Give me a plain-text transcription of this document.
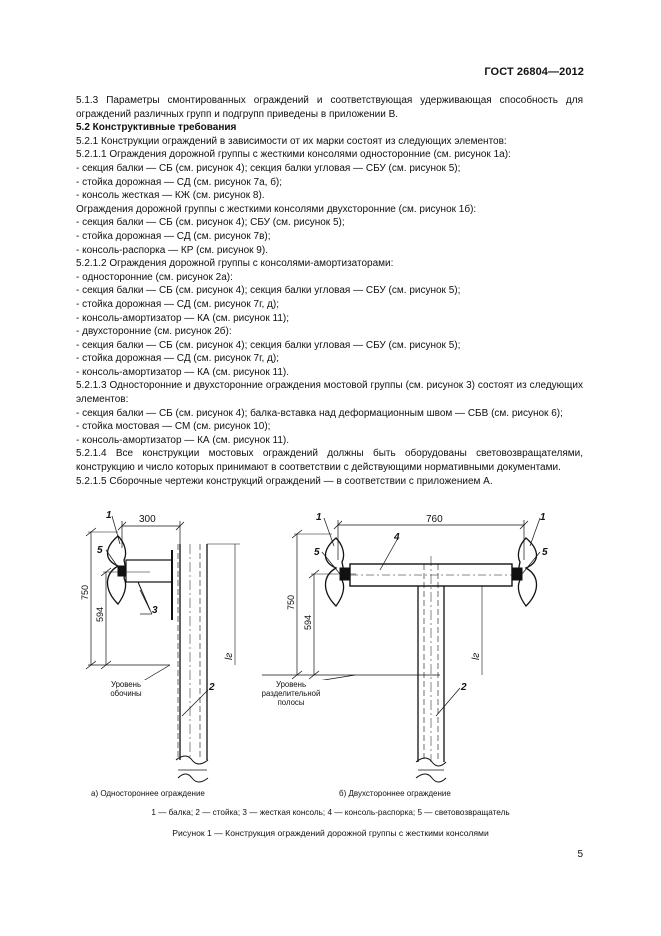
ГОСТ 26804—2012

5.1.3 Параметры смонтированных ограждений и соответствующая удерживающая способность для ограждений различных групп и подгрупп приведены в приложении В.

5.2 Конструктивные требования

5.2.1 Конструкции ограждений в зависимости от их марки состоят из следующих элементов:

5.2.1.1 Ограждения дорожной группы с жесткими консолями односторонние (см. рисунок 1а):

- секция балки — СБ (см. рисунок 4); секция балки угловая — СБУ (см. рисунок 5);

- стойка дорожная — СД (см. рисунок 7а, б);

- консоль жесткая — КЖ (см. рисунок 8).

Ограждения дорожной группы с жесткими консолями двухсторонние (см. рисунок 1б):

- секция балки — СБ (см. рисунок 4); СБУ (см. рисунок 5);

- стойка дорожная — СД (см. рисунок 7в);

- консоль-распорка — КР (см. рисунок 9).

5.2.1.2 Ограждения дорожной группы с консолями-амортизаторами:

- односторонние (см. рисунок 2а):

- секция балки — СБ (см. рисунок 4); секция балки угловая — СБУ (см. рисунок 5);

- стойка дорожная — СД (см. рисунок 7г, д);

- консоль-амортизатор — КА (см. рисунок 11);

- двухсторонние (см. рисунок 2б):

- секция балки — СБ (см. рисунок 4); секция балки угловая — СБУ (см. рисунок 5);

- стойка дорожная — СД (см. рисунок 7г, д);

- консоль-амортизатор — КА (см. рисунок 11).

5.2.1.3 Односторонние и двухсторонние ограждения мостовой группы (см. рисунок 3) состоят из следующих элементов:

- секция балки — СБ (см. рисунок 4); балка-вставка над деформационным швом — СБВ (см. рисунок 6);

- стойка мостовая — СМ (см. рисунок 10);

- консоль-амортизатор — КА (см. рисунок 11).

5.2.1.4 Все конструкции мостовых ограждений должны быть оборудованы световозвращателями, конструкцию и число которых принимают в соответствии с действующими нормативными документами.

5.2.1.5 Сборочные чертежи конструкций ограждений — в соответствии с приложением А.

300
750
594
lг
1
5
3
2
760
750
594
lг
1	1
5	5
4
2
а) Одностороннее ограждение	б) Двухстороннее ограждение
Уровень обочины
Уровень разделительной полосы
1 — балка; 2 — стойка; 3 — жесткая консоль; 4 — консоль-распорка; 5 — световозвращатель
Рисунок 1 — Конструкция ограждений дорожной группы с жесткими консолями
5
